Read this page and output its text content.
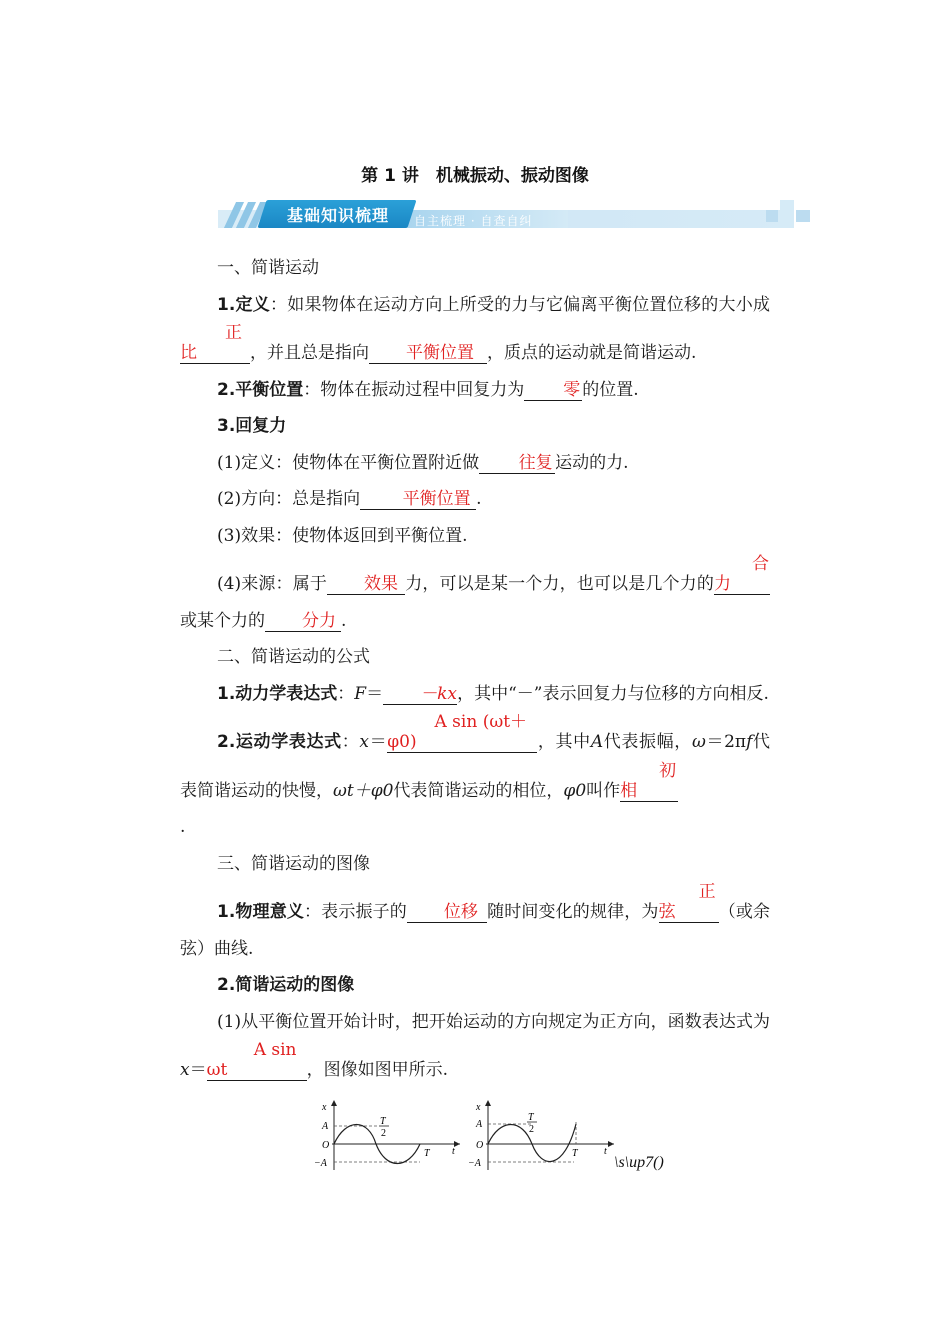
第 1 讲　机械振动、振动图像
基础知识梳理	自主梳理 · 自查自纠

一、简谐运动

1.定义：如果物体在运动方向上所受的力与它偏离平衡位置位移的大小成正比	，并且总是指向 平衡位置 ，质点的运动就是简谐运动.

2.平衡位置：物体在振动过程中回复力为 零 的位置.

3.回复力

(1)定义：使物体在平衡位置附近做 往复 运动的力.

(2)方向：总是指向	平衡位置 .

(3)效果：使物体返回到平衡位置.

(4)来源：属于 效果 力，可以是某一个力，也可以是几个力的合力或某个力的 分力 .

二、简谐运动的公式

1.动力学表达式：F＝ －kx，其中“－”表示回复力与位移的方向相反.

2.运动学表达式：x＝A sin (ωt＋φ0)	，其中A代表振幅，ω＝2πf代表简谐运动的快慢，ωt＋φ0代表简谐运动的相位，φ0叫作初相
.

三、简谐运动的图像

1.物理意义：表示振子的 位移 随时间变化的规律，为正弦	（或余弦）曲线.

2.简谐运动的图像

(1)从平衡位置开始计时，把开始运动的方向规定为正方向，函数表达式为x＝A sin ωt	，图像如图甲所示.

x
A
O
−A
T
2
T t
x
A
O
−A
T
2
T	t
\s\up7()
